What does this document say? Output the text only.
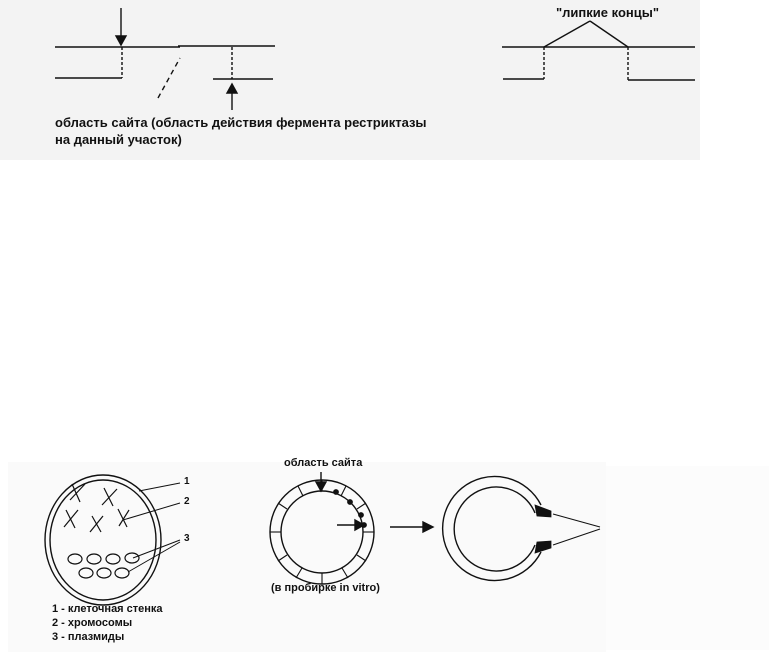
"липкие концы"
область сайта (область действия фермента рестриктазы
на данный участок)
1
2
3
область сайта
(в пробирке in vitro)
1 - клеточная стенка
2 - хромосомы
3 - плазмиды
